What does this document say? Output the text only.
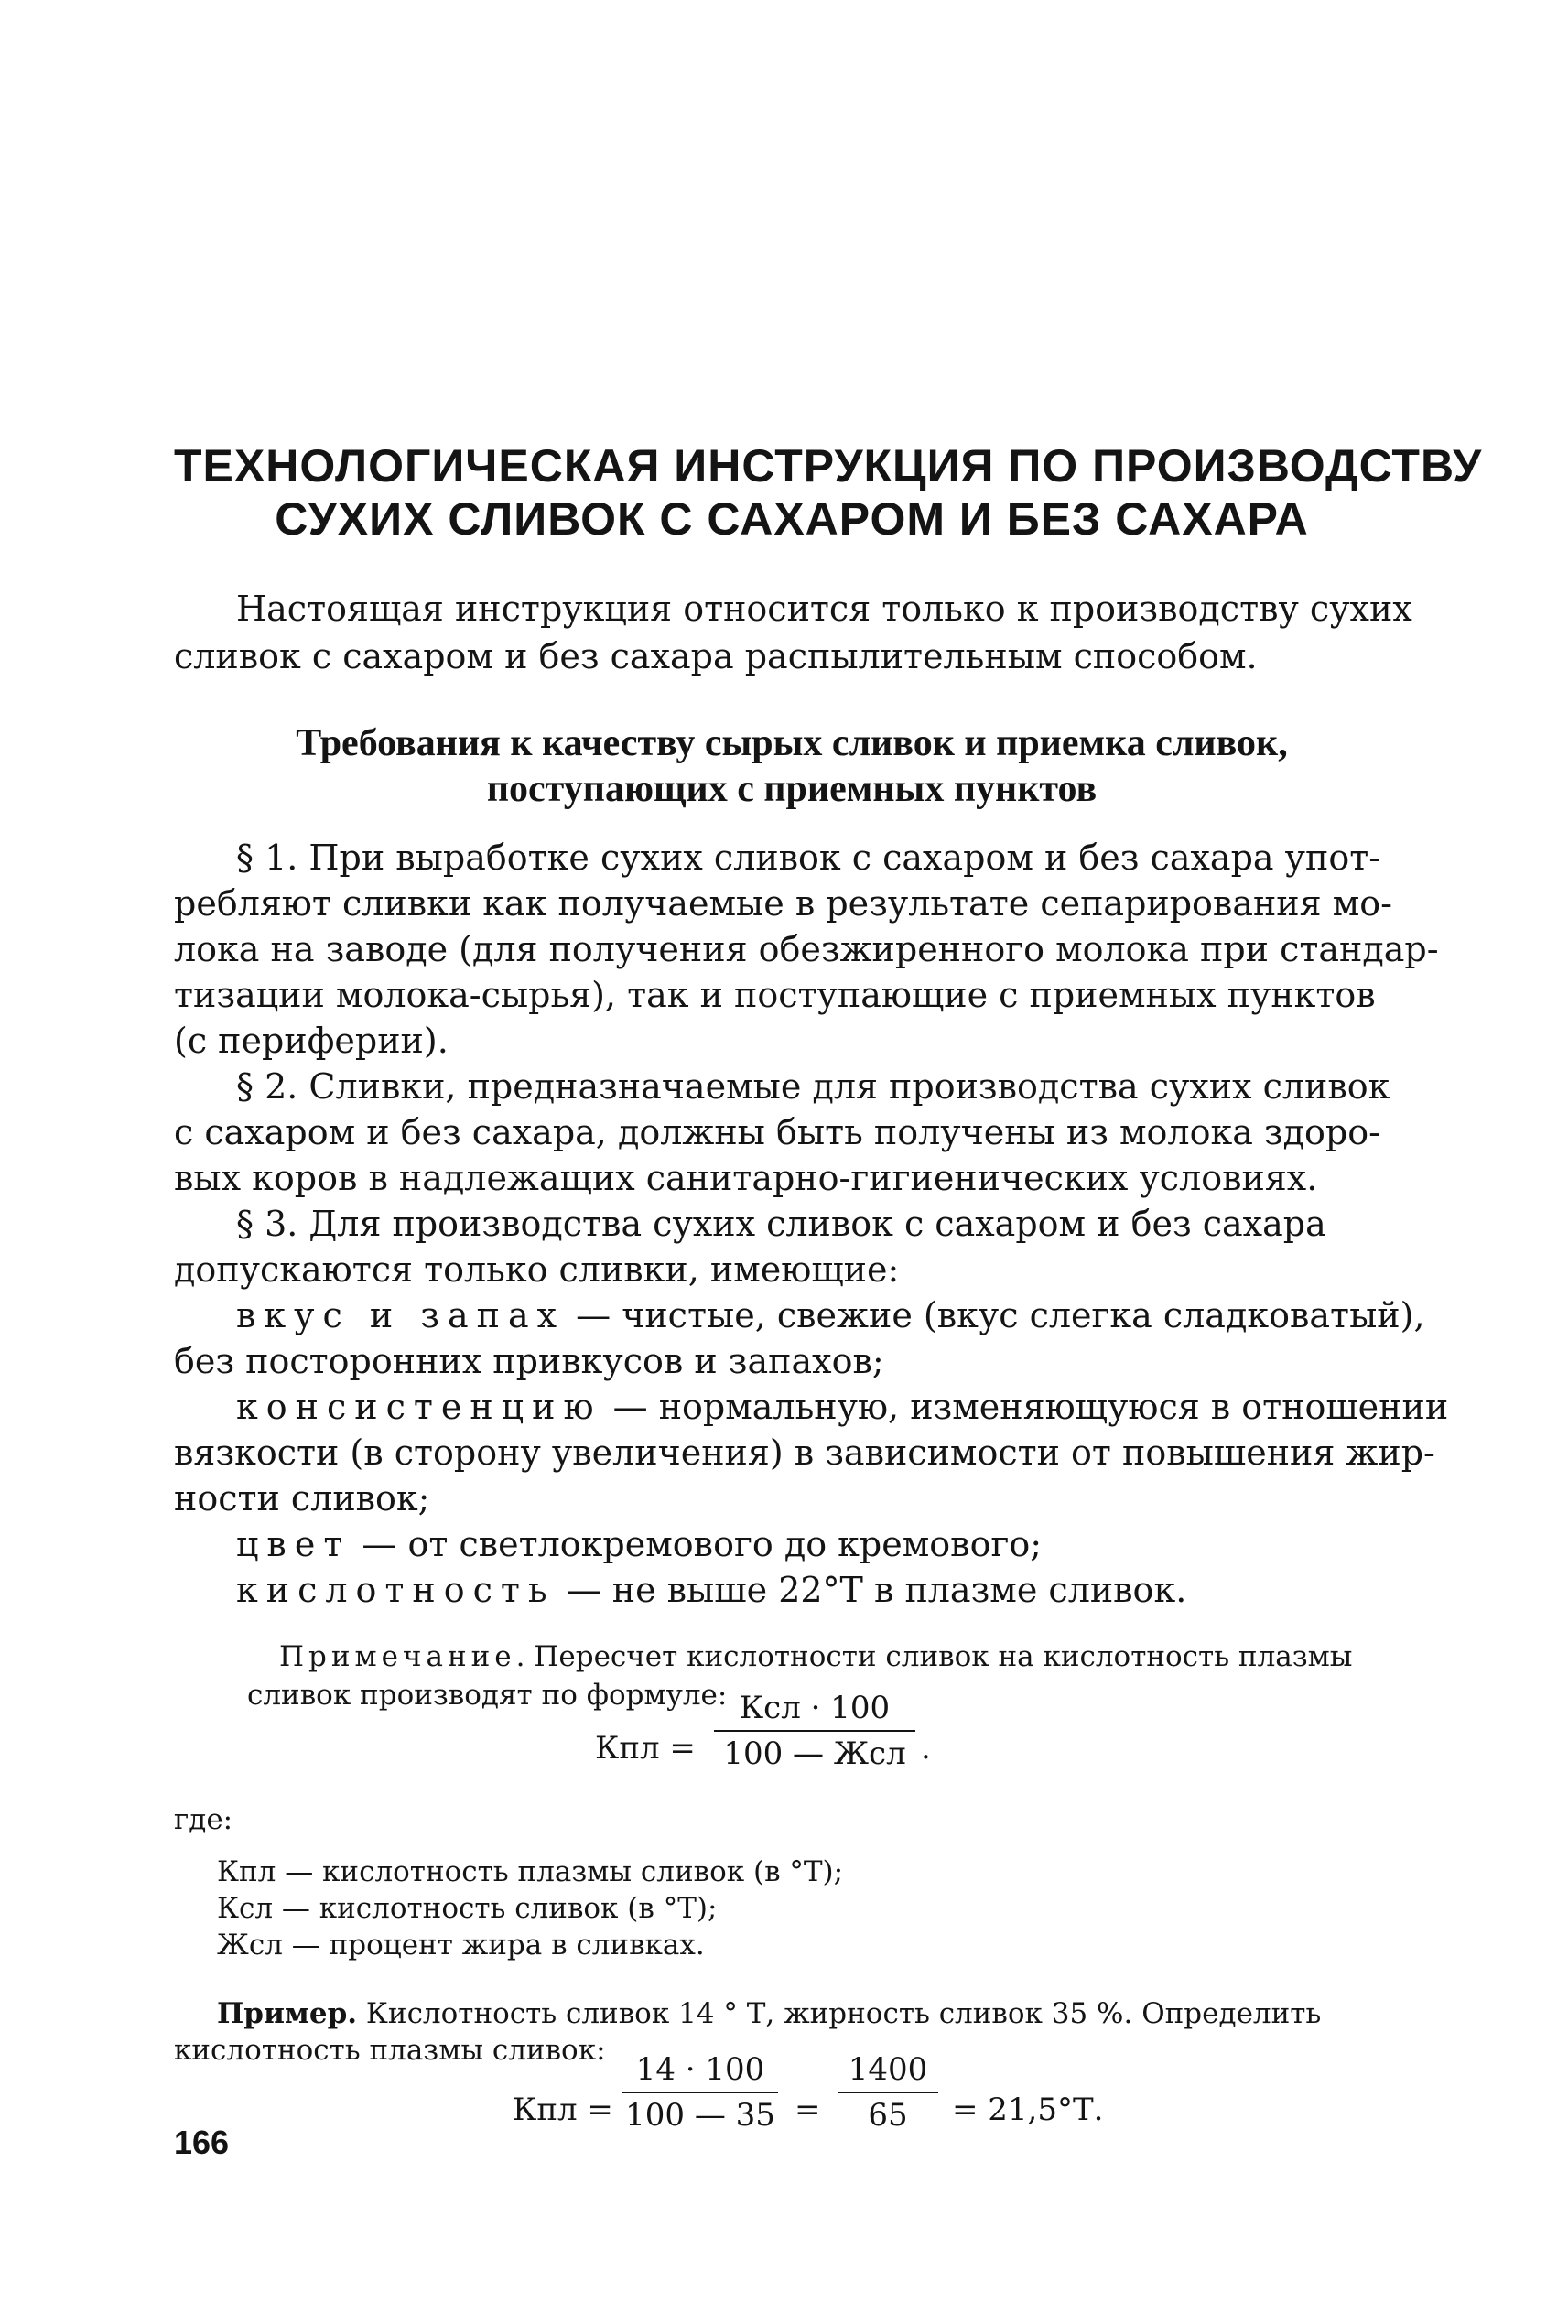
ТЕХНОЛОГИЧЕСКАЯ ИНСТРУКЦИЯ ПО ПРОИЗВОДСТВУ
СУХИХ СЛИВОК С САХАРОМ И БЕЗ САХАРА
Настоящая инструкция относится только к производству сухих
сливок с сахаром и без сахара распылительным способом.
Требования к качеству сырых сливок и приемка сливок,
поступающих с приемных пунктов
§ 1. При выработке сухих сливок с сахаром и без сахара упот-
ребляют сливки как получаемые в результате сепарирования мо-
лока на заводе (для получения обезжиренного молока при стандар-
тизации молока-сырья), так и поступающие с приемных пунктов
(с периферии).
§ 2. Сливки, предназначаемые для производства сухих сливок
с сахаром и без сахара, должны быть получены из молока здоро-
вых коров в надлежащих санитарно-гигиенических условиях.
§ 3. Для производства сухих сливок с сахаром и без сахара
допускаются только сливки, имеющие:
вкус и запах — чистые, свежие (вкус слегка сладковатый),
без посторонних привкусов и запахов;
консистенцию — нормальную, изменяющуюся в отношении
вязкости (в сторону увеличения) в зависимости от повышения жир-
ности сливок;
цвет — от светлокремового до кремового;
кислотность — не выше 22°Т в плазме сливок.
Примечание. Пересчет кислотности сливок на кислотность плазмы
сливок производят по формуле:
Кпл =
Ксл · 100
100 — Жсл .
где:
Кпл — кислотность плазмы сливок (в °Т);
Ксл — кислотность сливок (в °Т);
Жсл — процент жира в сливках.
Пример. Кислотность сливок 14 ° Т, жирность сливок 35 %. Определить
кислотность плазмы сливок:
Кпл =
14 · 100
100 — 35 =
1400
65	= 21,5°Т.
166
